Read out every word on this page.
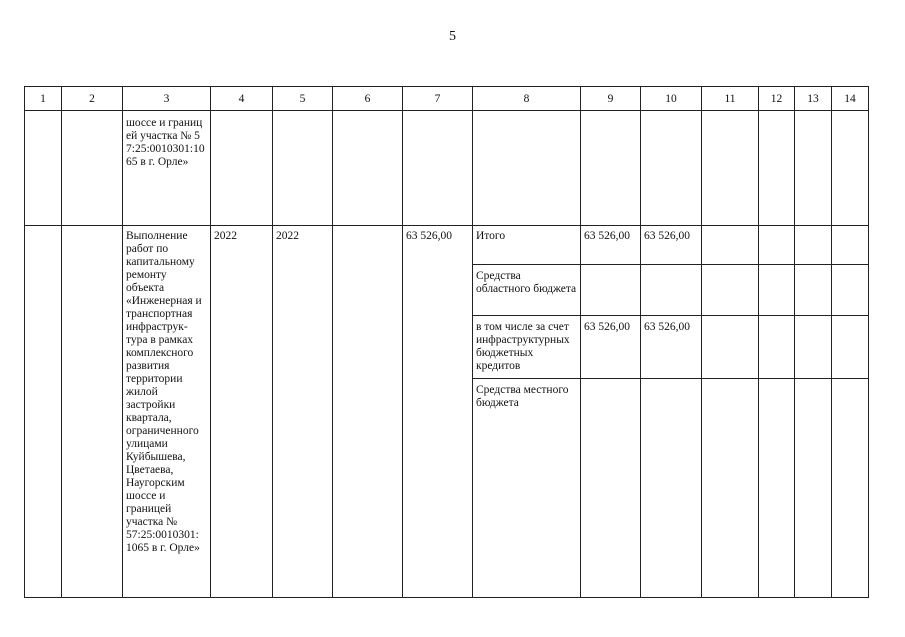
5
1	2	3	4	5	6	7	8	9	10	11	12	13	14
		шоссе и границей участка № 57:25:0010301:1065 в г. Орле»											
		Выполнение работ по капитальному ремонту объекта «Инженерная и транспортная инфраструк-тура в рамках комплексного развития территории жилой застройки квартала, ограниченного улицами Куйбышева, Цветаева, Наугорским шоссе и границей участка № 57:25:0010301: 1065 в г. Орле»	2022	2022		63 526,00	Итого	63 526,00	63 526,00				
							Средства областного бюджета						
							в том числе за счет инфраструктурных бюджетных кредитов	63 526,00	63 526,00				
							Средства местного бюджета						
